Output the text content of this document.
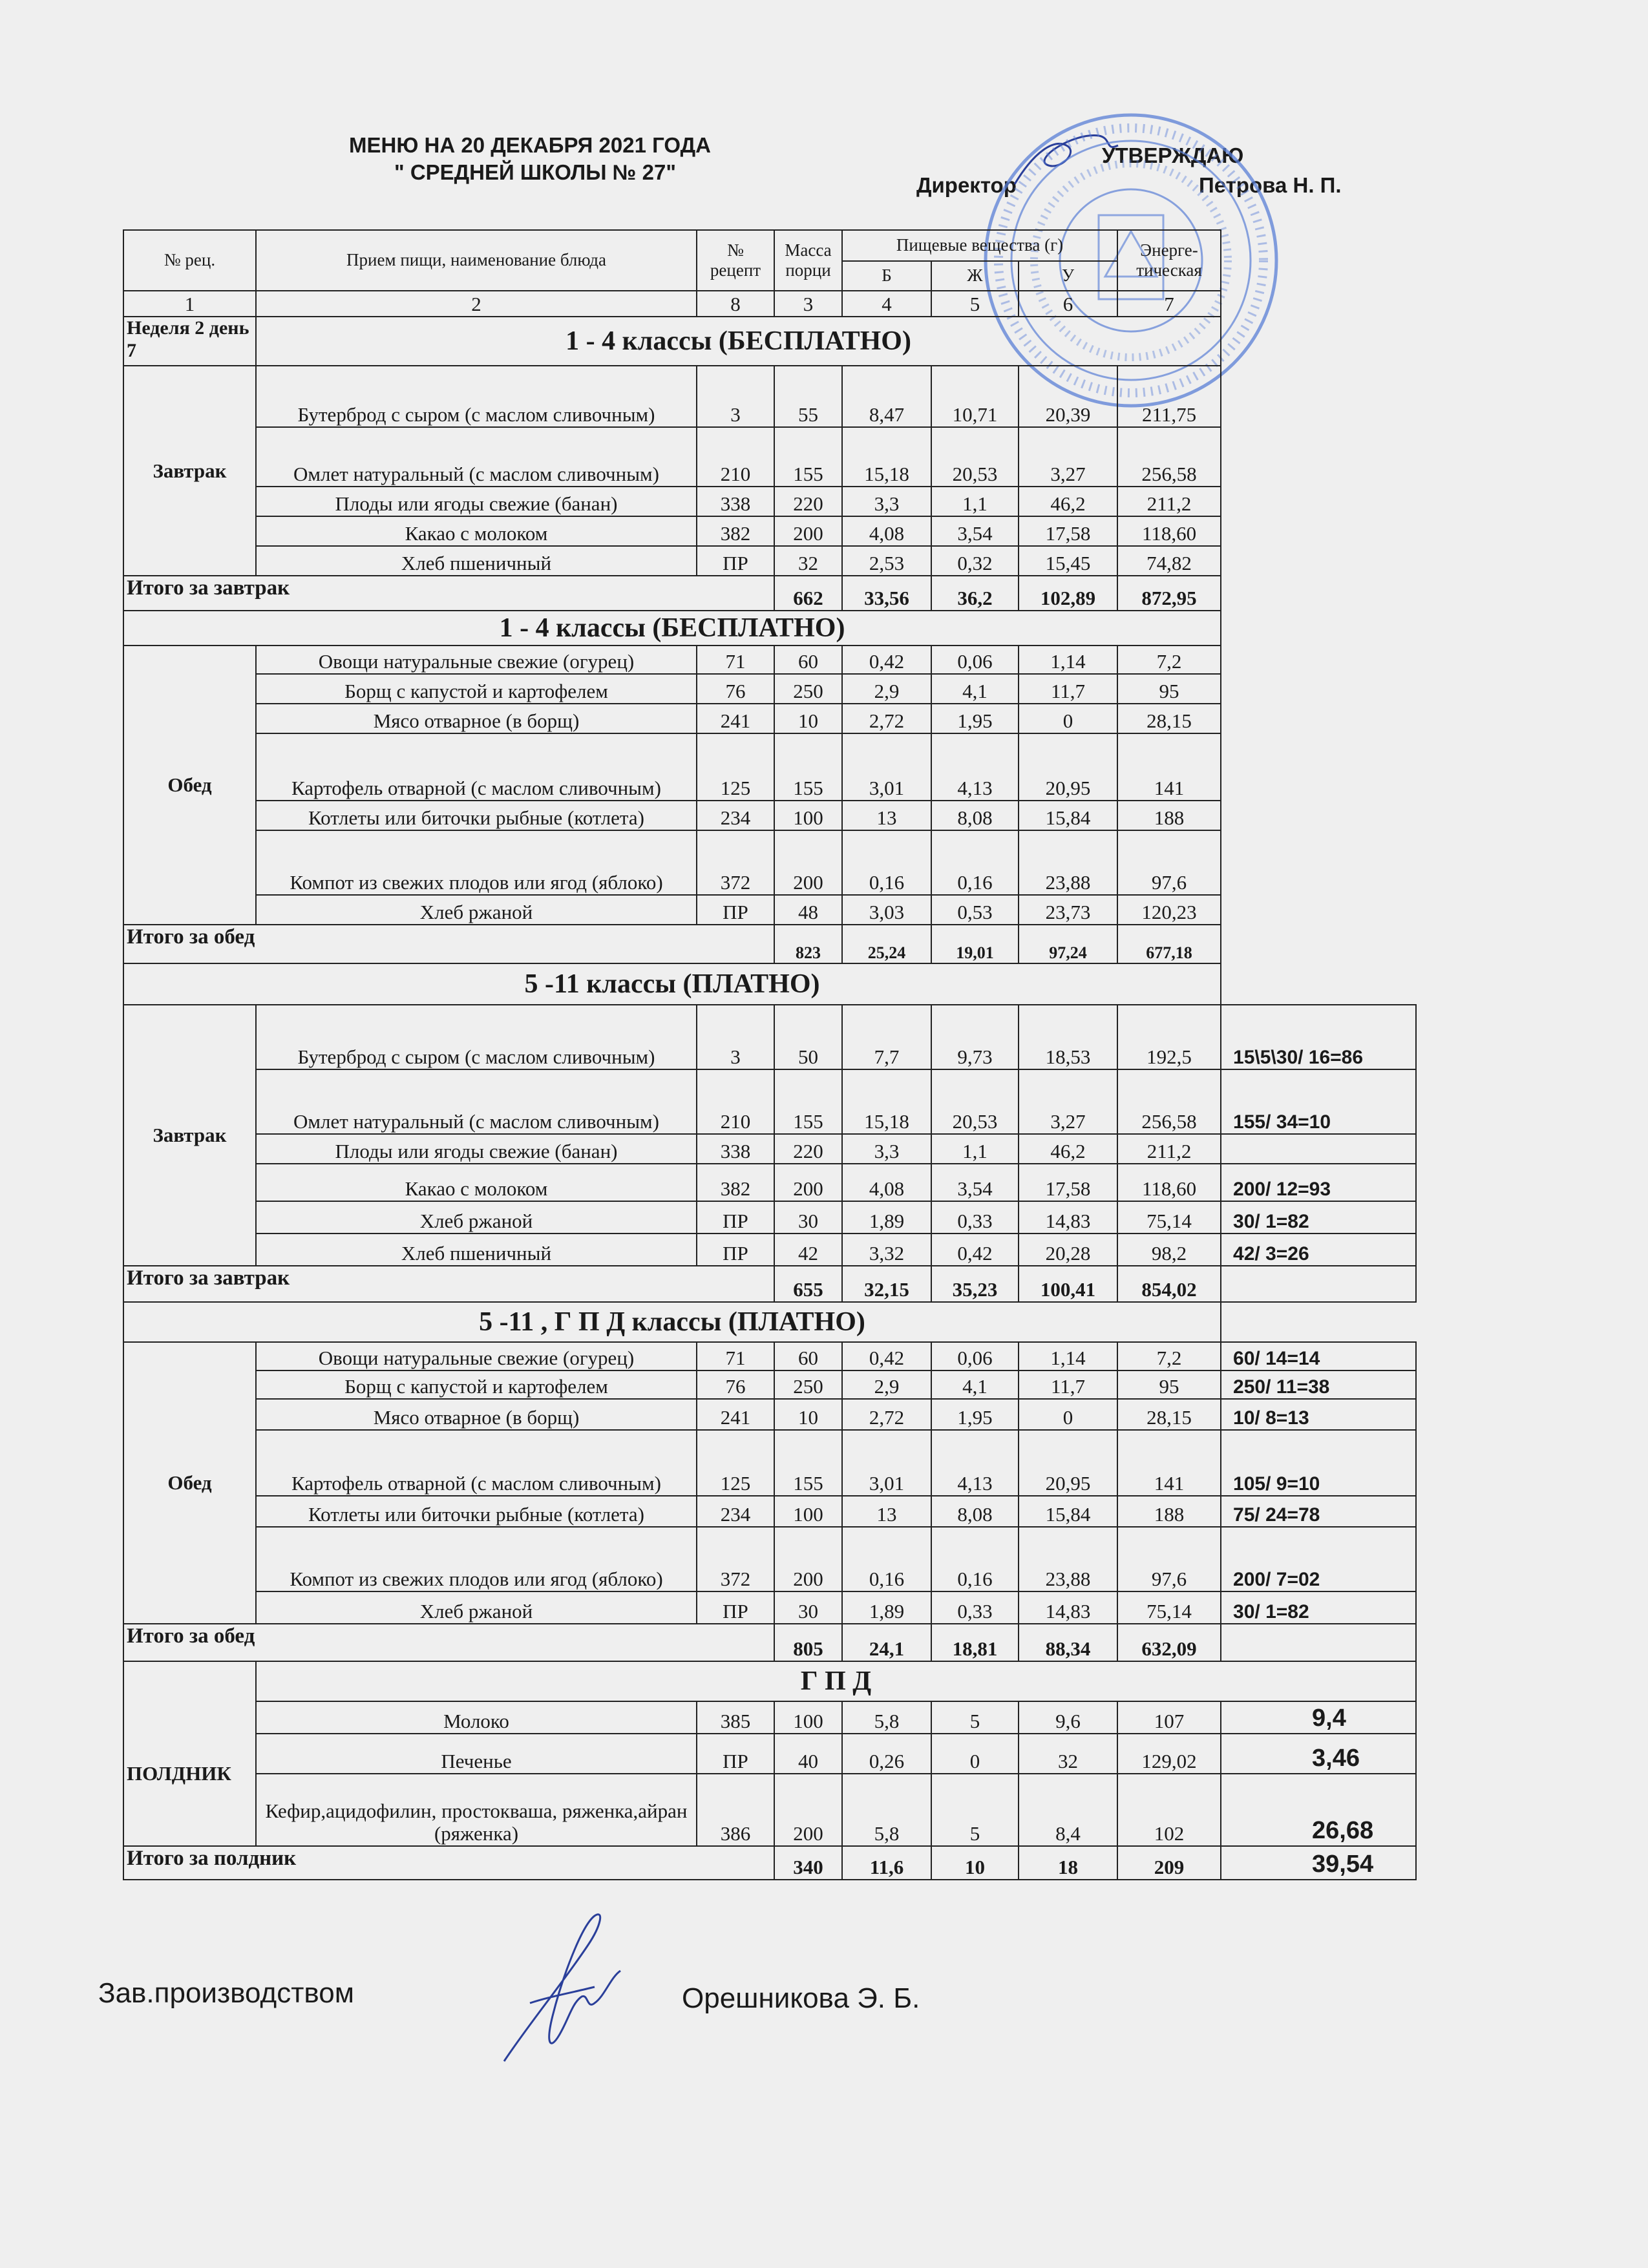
МЕНЮ НА 20 ДЕКАБРЯ 2021 ГОДА
" СРЕДНЕЙ ШКОЛЫ № 27"
УТВЕРЖДАЮ
Директор	Петрова Н. П.
№ рец.	Прием пищи, наименование блюда	№ рецепт	Масса порци	Пищевые вещества (г)			Энерге-тическая	
				Б	Ж	У		
1	2	8	3	4	5	6	7	
Неделя 2 день 7	1 - 4 классы (БЕСПЛАТНО)							
Завтрак	Бутерброд с сыром (с маслом сливочным)	3	55	8,47	10,71	20,39	211,75	
	Омлет натуральный (с маслом сливочным)	210	155	15,18	20,53	3,27	256,58	
	Плоды или ягоды свежие (банан)	338	220	3,3	1,1	46,2	211,2	
	Какао с молоком	382	200	4,08	3,54	17,58	118,60	
	Хлеб пшеничный	ПР	32	2,53	0,32	15,45	74,82	
Итого за завтрак			662	33,56	36,2	102,89	872,95	
1 - 4 классы (БЕСПЛАТНО)								
Обед	Овощи натуральные свежие (огурец)	71	60	0,42	0,06	1,14	7,2	
	Борщ с капустой и картофелем	76	250	2,9	4,1	11,7	95	
	Мясо отварное (в борщ)	241	10	2,72	1,95	0	28,15	
	Картофель отварной (с маслом сливочным)	125	155	3,01	4,13	20,95	141	
	Котлеты или биточки рыбные (котлета)	234	100	13	8,08	15,84	188	
	Компот из свежих плодов или ягод (яблоко)	372	200	0,16	0,16	23,88	97,6	
	Хлеб ржаной	ПР	48	3,03	0,53	23,73	120,23	
Итого за обед			823	25,24	19,01	97,24	677,18	
5 -11 классы (ПЛАТНО)								
Завтрак	Бутерброд с сыром (с маслом сливочным)	3	50	7,7	9,73	18,53	192,5	15\5\30/ 16=86
	Омлет натуральный (с маслом сливочным)	210	155	15,18	20,53	3,27	256,58	155/ 34=10
	Плоды или ягоды свежие (банан)	338	220	3,3	1,1	46,2	211,2	
	Какао с молоком	382	200	4,08	3,54	17,58	118,60	200/ 12=93
	Хлеб ржаной	ПР	30	1,89	0,33	14,83	75,14	30/ 1=82
	Хлеб пшеничный	ПР	42	3,32	0,42	20,28	98,2	42/ 3=26
Итого за завтрак			655	32,15	35,23	100,41	854,02	
5 -11 , Г П Д классы (ПЛАТНО)								
Обед	Овощи натуральные свежие (огурец)	71	60	0,42	0,06	1,14	7,2	60/ 14=14
	Борщ с капустой и картофелем	76	250	2,9	4,1	11,7	95	250/ 11=38
	Мясо отварное (в борщ)	241	10	2,72	1,95	0	28,15	10/ 8=13
	Картофель отварной (с маслом сливочным)	125	155	3,01	4,13	20,95	141	105/ 9=10
	Котлеты или биточки рыбные (котлета)	234	100	13	8,08	15,84	188	75/ 24=78
	Компот из свежих плодов или ягод (яблоко)	372	200	0,16	0,16	23,88	97,6	200/ 7=02
	Хлеб ржаной	ПР	30	1,89	0,33	14,83	75,14	30/ 1=82
Итого за обед			805	24,1	18,81	88,34	632,09	
	Г П Д							
ПОЛДНИК	Молоко	385	100	5,8	5	9,6	107	9,4
	Печенье	ПР	40	0,26	0	32	129,02	3,46
	Кефир,ацидофилин, простокваша, ряженка,айран (ряженка)	386	200	5,8	5	8,4	102	26,68
Итого за полдник			340	11,6	10	18	209	39,54
Зав.производством	Орешникова Э. Б.
